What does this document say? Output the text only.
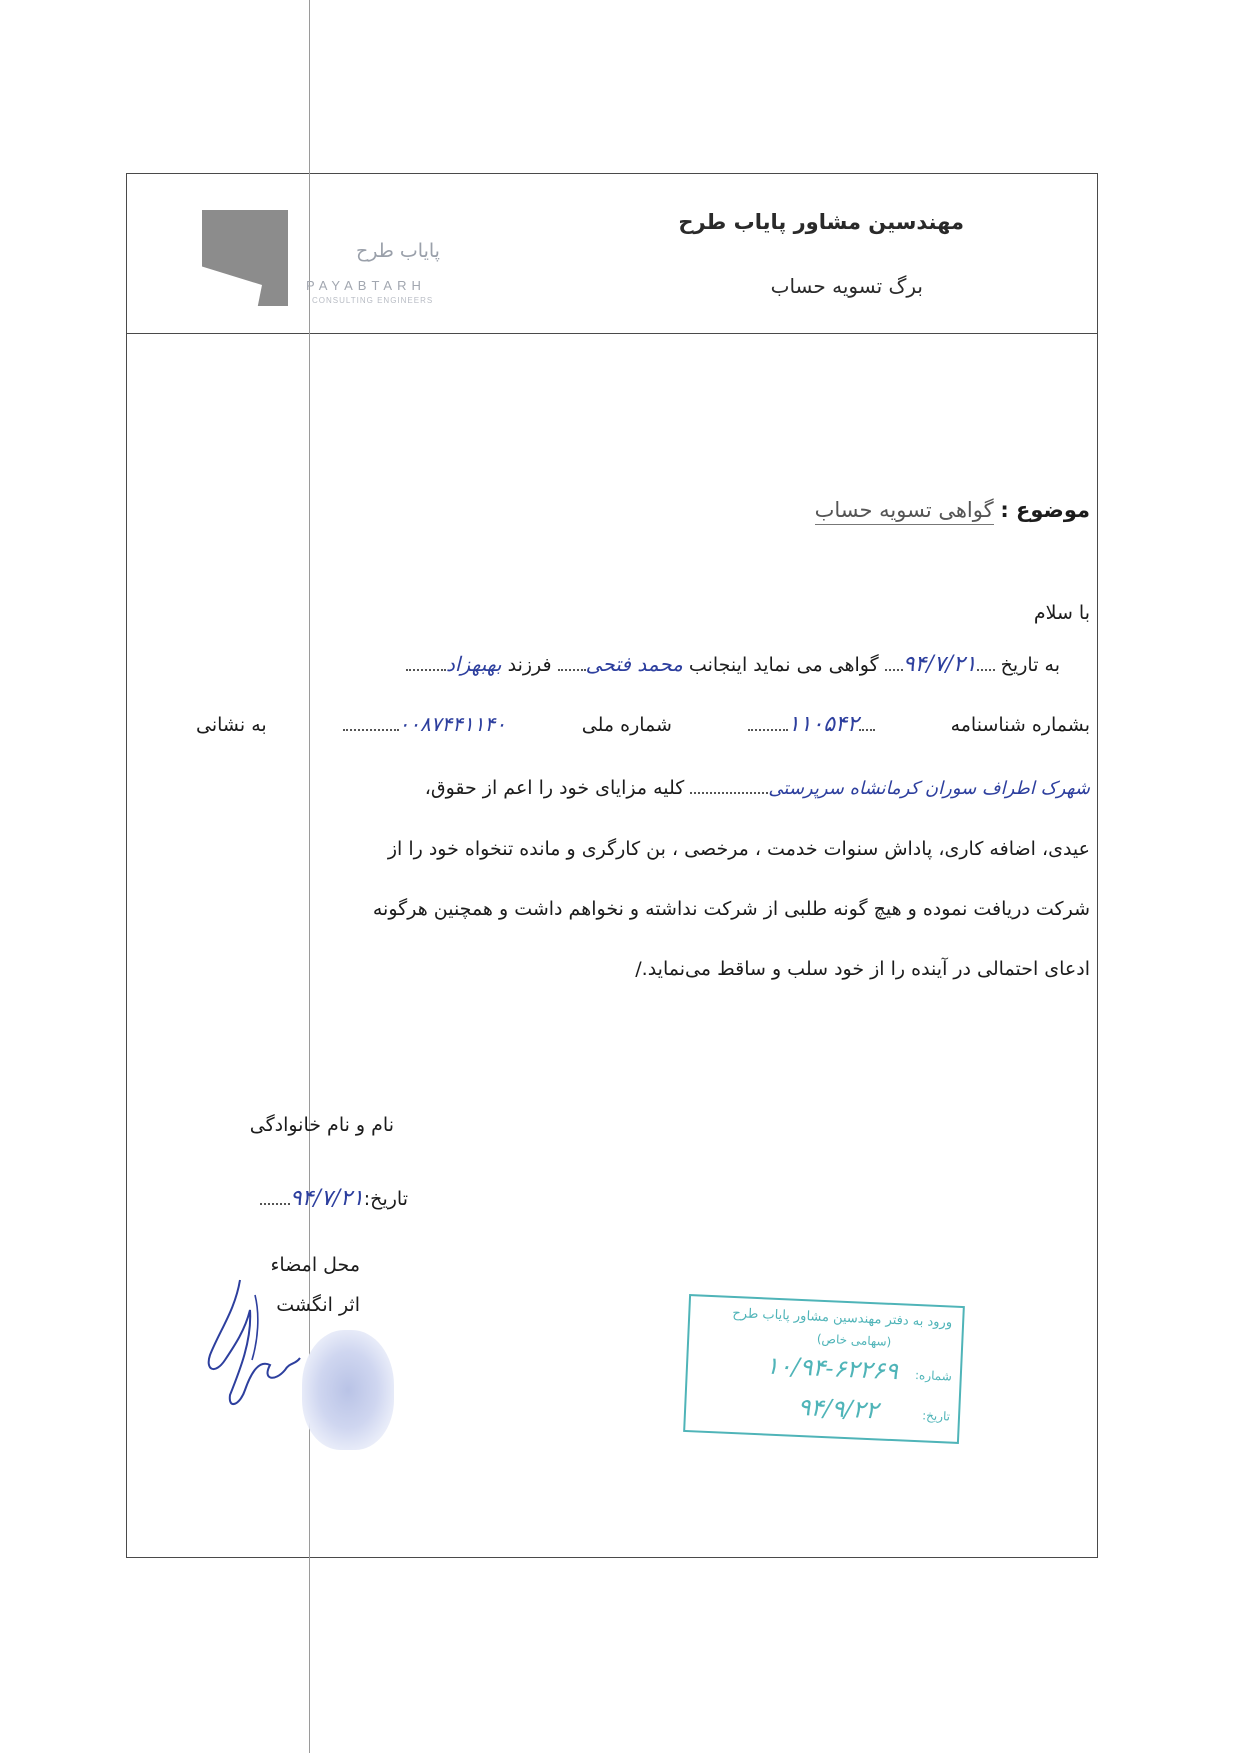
مهندسین مشاور پایاب طرح
برگ تسویه حساب
پایاب طرح
PAYABTARH
CONSULTING ENGINEERS
موضوع : گواهی تسویه حساب
با سلام
به تاریخ ۹۴/۷/۲۱ گواهی می نماید اینجانب محمد فتحی فرزند بهبهزاد
بشماره شناسنامه
۱۱۰۵۴۲
شماره ملی
۰۰۸۷۴۴۱۱۴۰
به نشانی
شهرک اطراف سوران کرمانشاه سرپرستی کلیه مزایای خود را اعم از حقوق،
عیدی، اضافه کاری، پاداش سنوات خدمت ، مرخصی ، بن کارگری و مانده تنخواه خود را از
شرکت دریافت نموده و هیچ گونه طلبی از شرکت نداشته و نخواهم داشت و همچنین هرگونه
ادعای احتمالی در آینده را از خود سلب و ساقط می‌نماید./
نام و نام خانوادگی
تاریخ:۹۴/۷/۲۱
محل امضاء
اثر انگشت
ورود به دفتر مهندسین مشاور پایاب طرح
(سهامی خاص)
شماره:
۱۰/۹۴-۶۲۲۶۹
تاریخ:
۹۴/۹/۲۲
